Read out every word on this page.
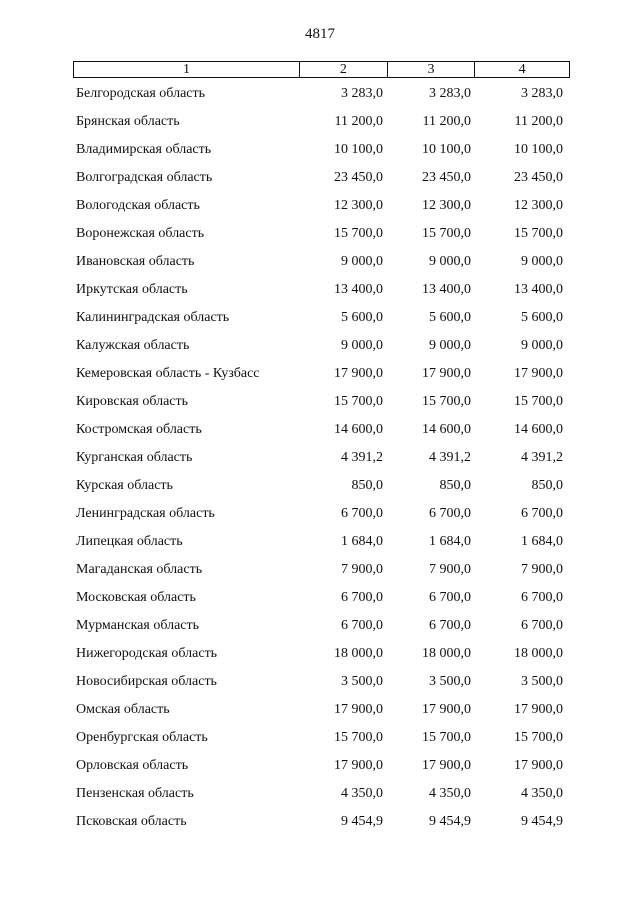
4817
1	2	3	4
Белгородская область	3 283,0	3 283,0	3 283,0
Брянская область	11 200,0	11 200,0	11 200,0
Владимирская область	10 100,0	10 100,0	10 100,0
Волгоградская область	23 450,0	23 450,0	23 450,0
Вологодская область	12 300,0	12 300,0	12 300,0
Воронежская область	15 700,0	15 700,0	15 700,0
Ивановская область	9 000,0	9 000,0	9 000,0
Иркутская область	13 400,0	13 400,0	13 400,0
Калининградская область	5 600,0	5 600,0	5 600,0
Калужская область	9 000,0	9 000,0	9 000,0
Кемеровская область - Кузбасс	17 900,0	17 900,0	17 900,0
Кировская область	15 700,0	15 700,0	15 700,0
Костромская область	14 600,0	14 600,0	14 600,0
Курганская область	4 391,2	4 391,2	4 391,2
Курская область	850,0	850,0	850,0
Ленинградская область	6 700,0	6 700,0	6 700,0
Липецкая область	1 684,0	1 684,0	1 684,0
Магаданская область	7 900,0	7 900,0	7 900,0
Московская область	6 700,0	6 700,0	6 700,0
Мурманская область	6 700,0	6 700,0	6 700,0
Нижегородская область	18 000,0	18 000,0	18 000,0
Новосибирская область	3 500,0	3 500,0	3 500,0
Омская область	17 900,0	17 900,0	17 900,0
Оренбургская область	15 700,0	15 700,0	15 700,0
Орловская область	17 900,0	17 900,0	17 900,0
Пензенская область	4 350,0	4 350,0	4 350,0
Псковская область	9 454,9	9 454,9	9 454,9
